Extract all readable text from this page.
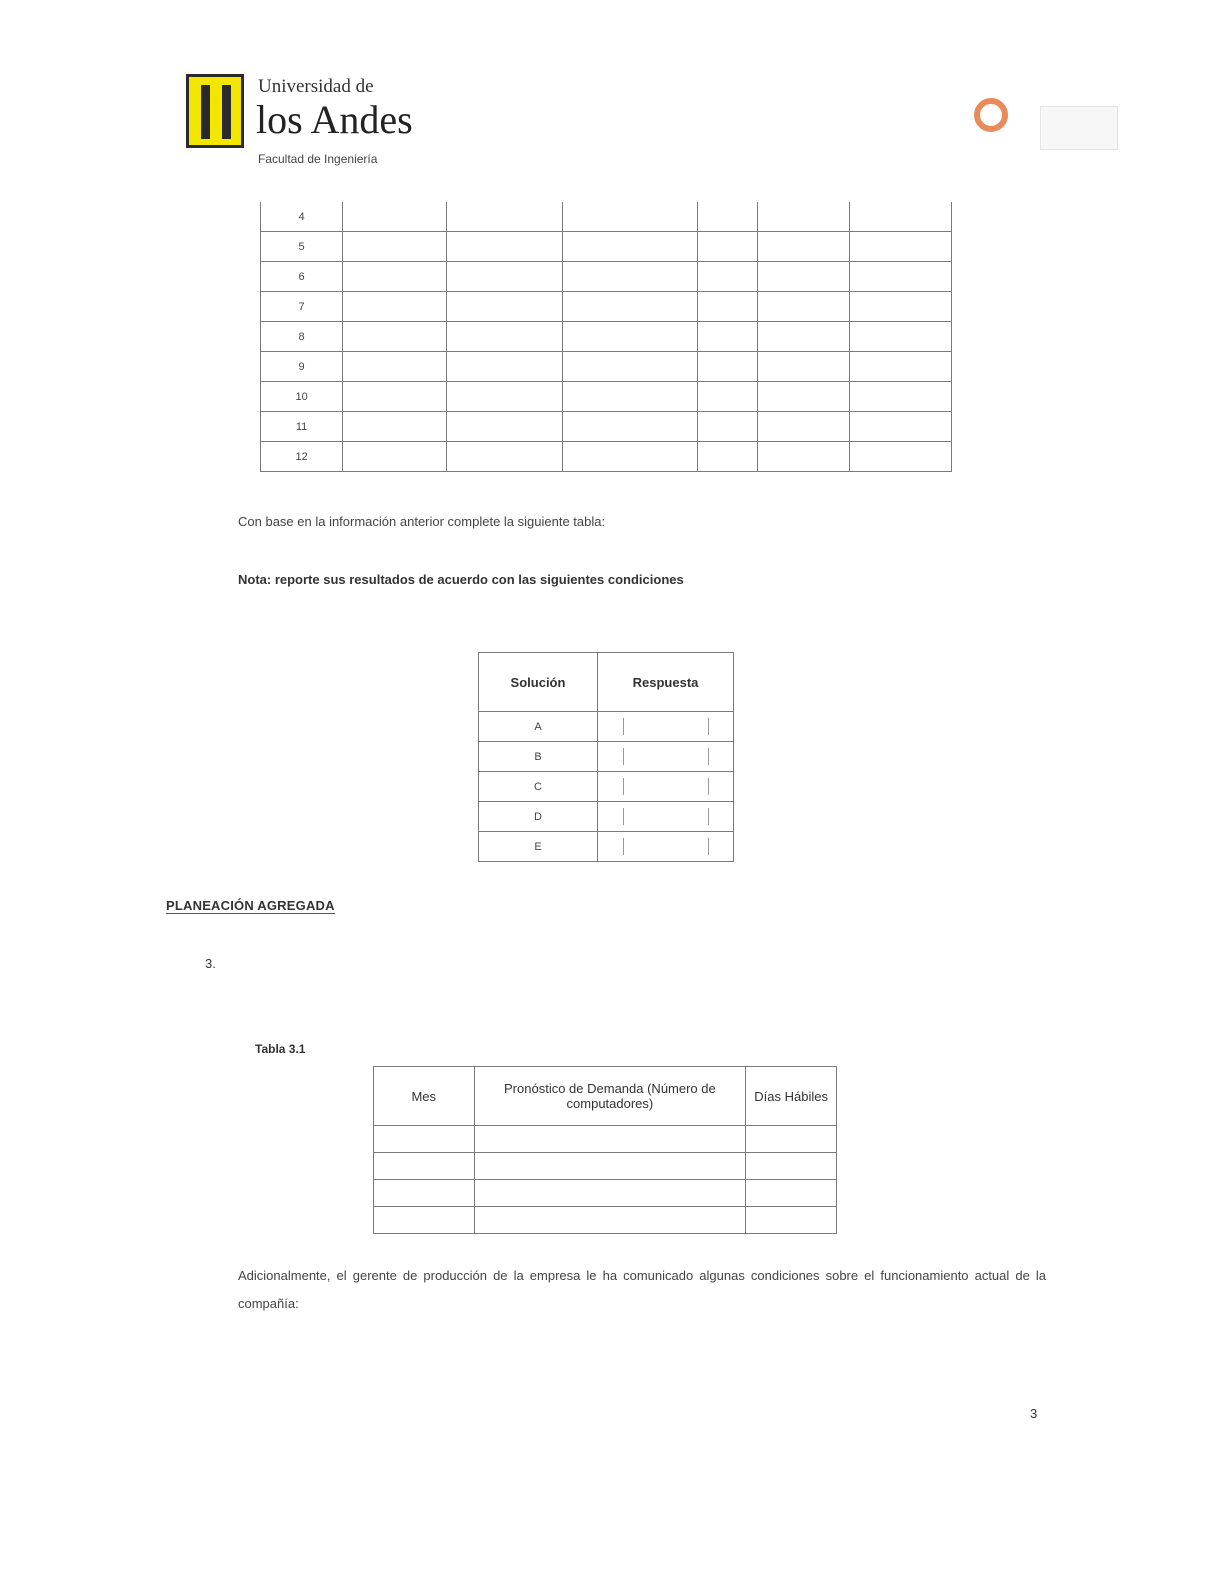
Universidad de
los Andes
Facultad de Ingeniería
4						
5						
6						
7						
8						
9						
10						
11						
12						
Con base en la información anterior complete la siguiente tabla:
Nota: reporte sus resultados de acuerdo con las siguientes condiciones

Solución	Respuesta
A	
B	
C	
D	
E	
PLANEACIÓN AGREGADA
3.

Tabla 3.1
Mes	Pronóstico de Demanda (Número de computadores)	Días Hábiles

Adicionalmente, el gerente de producción de la empresa le ha comunicado algunas condiciones sobre el funcionamiento actual de la compañía:
3
